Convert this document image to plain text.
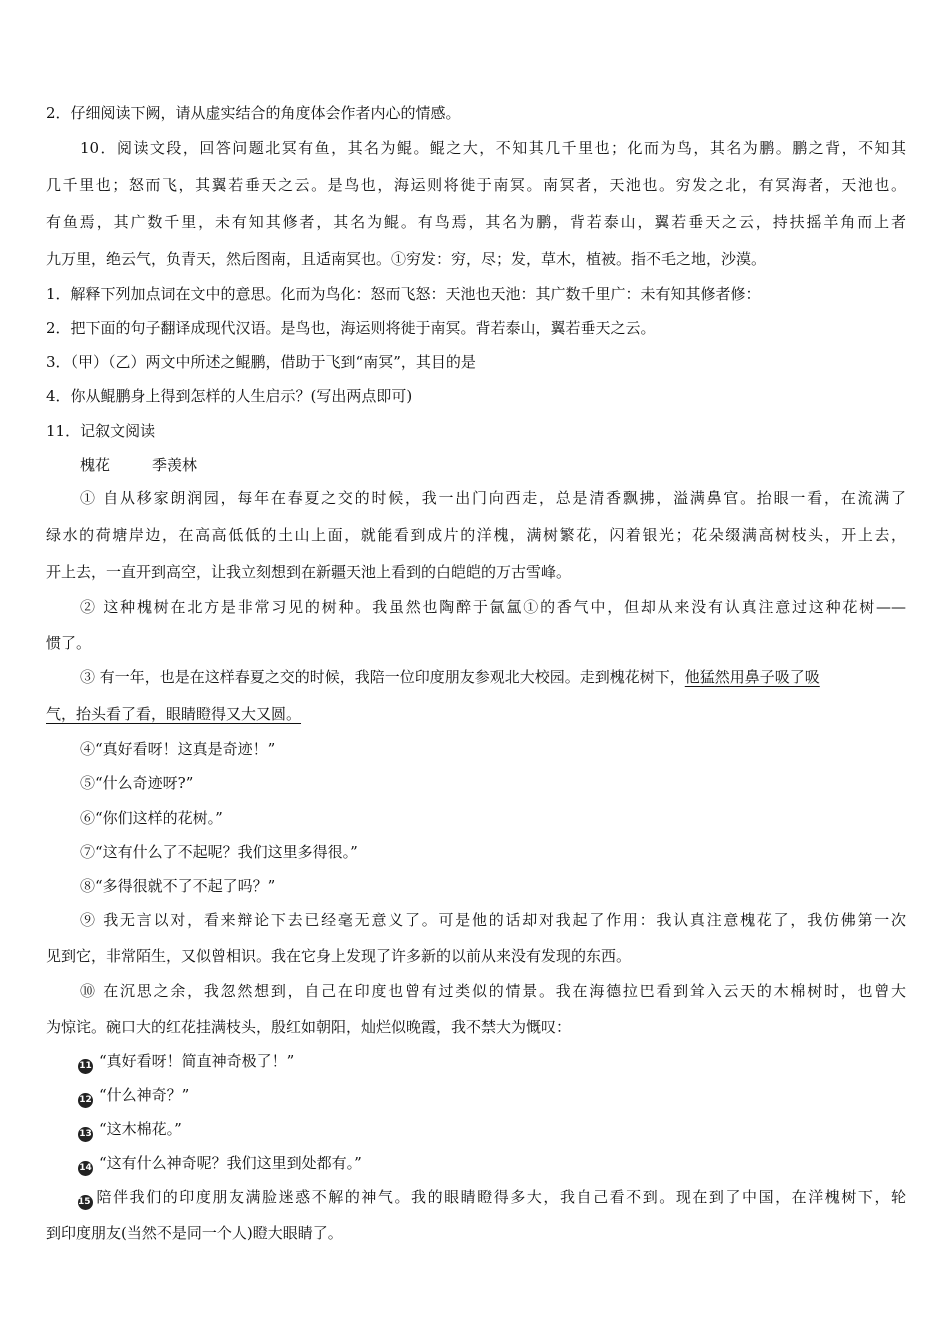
2．仔细阅读下阙，请从虚实结合的角度体会作者内心的情感。
10．阅读文段，回答问题北冥有鱼，其名为鲲。鲲之大，不知其几千里也；化而为鸟，其名为鹏。鹏之背，不知其
几千里也；怒而飞，其翼若垂天之云。是鸟也，海运则将徙于南冥。南冥者，天池也。穷发之北，有冥海者，天池也。
有鱼焉，其广数千里，未有知其修者，其名为鲲。有鸟焉，其名为鹏，背若泰山，翼若垂天之云，持扶摇羊角而上者
九万里，绝云气，负青天，然后图南，且适南冥也。①穷发：穷，尽；发，草木，植被。指不毛之地，沙漠。
1．解释下列加点词在文中的意思。化而为鸟化：怒而飞怒：天池也天池：其广数千里广：未有知其修者修：
2．把下面的句子翻译成现代汉语。是鸟也，海运则将徙于南冥。背若泰山，翼若垂天之云。
3．（甲）（乙）两文中所述之鲲鹏，借助于飞到“南冥”，其目的是
4．你从鲲鹏身上得到怎样的人生启示？(写出两点即可)
11．记叙文阅读
槐花	季羡林
① 自从移家朗润园，每年在春夏之交的时候，我一出门向西走，总是清香飘拂，溢满鼻官。抬眼一看，在流满了
绿水的荷塘岸边，在高高低低的土山上面，就能看到成片的洋槐，满树繁花，闪着银光；花朵缀满高树枝头，开上去，
开上去，一直开到高空，让我立刻想到在新疆天池上看到的白皑皑的万古雪峰。
② 这种槐树在北方是非常习见的树种。我虽然也陶醉于氤氲①的香气中，但却从来没有认真注意过这种花树——
惯了。
③ 有一年，也是在这样春夏之交的时候，我陪一位印度朋友参观北大校园。走到槐花树下，他猛然用鼻子吸了吸
气，抬头看了看，眼睛瞪得又大又圆。
④“真好看呀！这真是奇迹！”
⑤“什么奇迹呀?”
⑥“你们这样的花树。”
⑦“这有什么了不起呢？我们这里多得很。”
⑧“多得很就不了不起了吗？”
⑨ 我无言以对，看来辩论下去已经毫无意义了。可是他的话却对我起了作用：我认真注意槐花了，我仿佛第一次
见到它，非常陌生，又似曾相识。我在它身上发现了许多新的以前从来没有发现的东西。
⑩ 在沉思之余，我忽然想到，自己在印度也曾有过类似的情景。我在海德拉巴看到耸入云天的木棉树时，也曾大
为惊诧。碗口大的红花挂满枝头，殷红如朝阳，灿烂似晚霞，我不禁大为慨叹：
11 “真好看呀！简直神奇极了！”
12 “什么神奇？”
13 “这木棉花。”
14 “这有什么神奇呢？我们这里到处都有。”
15 陪伴我们的印度朋友满脸迷惑不解的神气。我的眼睛瞪得多大，我自己看不到。现在到了中国，在洋槐树下，轮
到印度朋友(当然不是同一个人)瞪大眼睛了。
